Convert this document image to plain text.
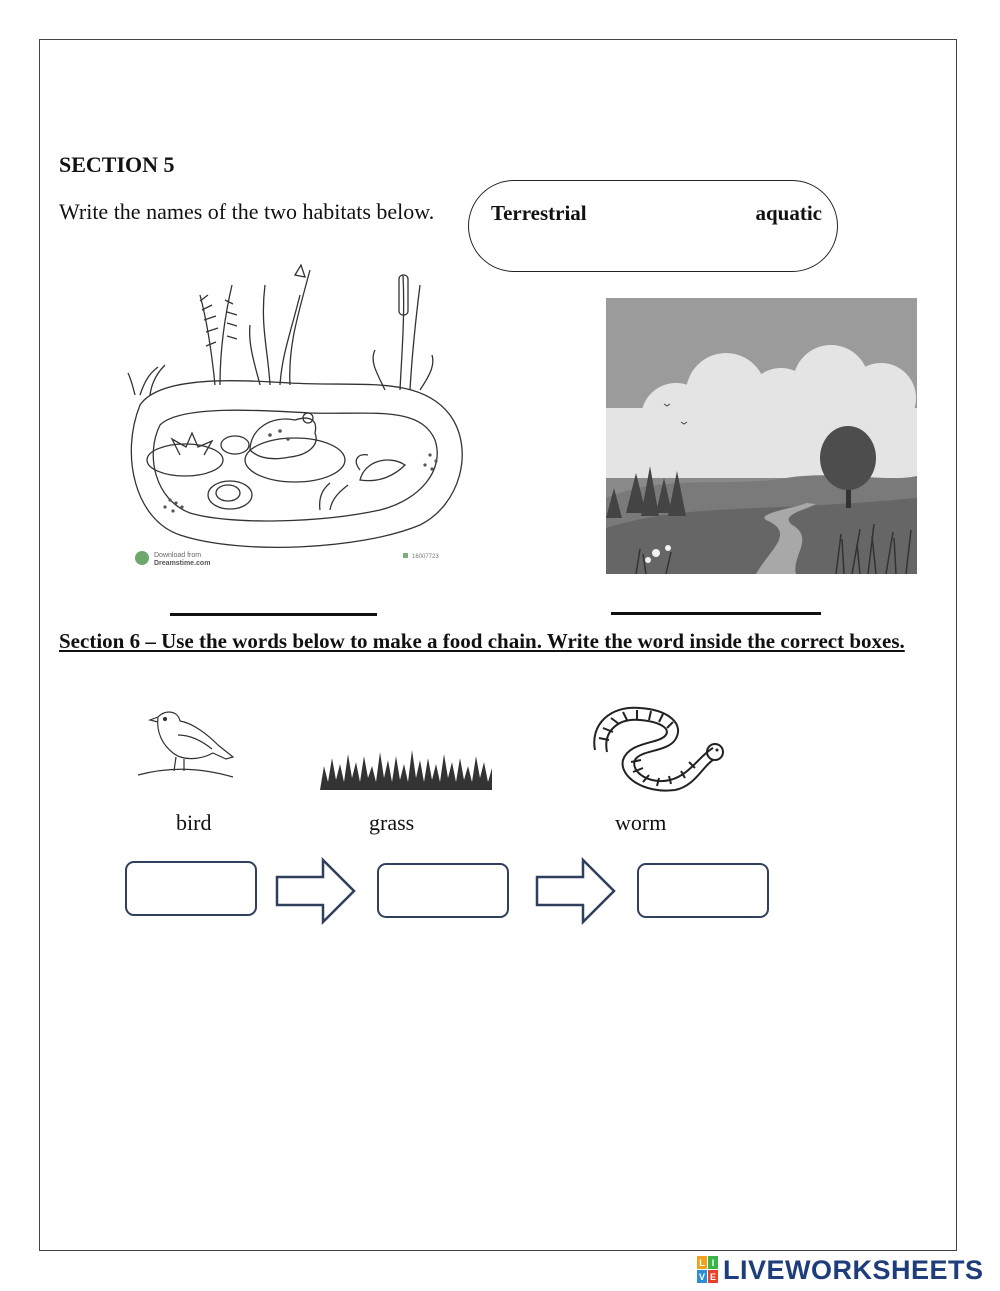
SECTION 5
Write the names of the two habitats below.	Terrestrial	aquatic
Download from
Dreamstime.com
16007723
Section 6 – Use the words below to make a food chain. Write the word inside the correct boxes.
bird	grass	worm
L I
V E LIVEWORKSHEETS
